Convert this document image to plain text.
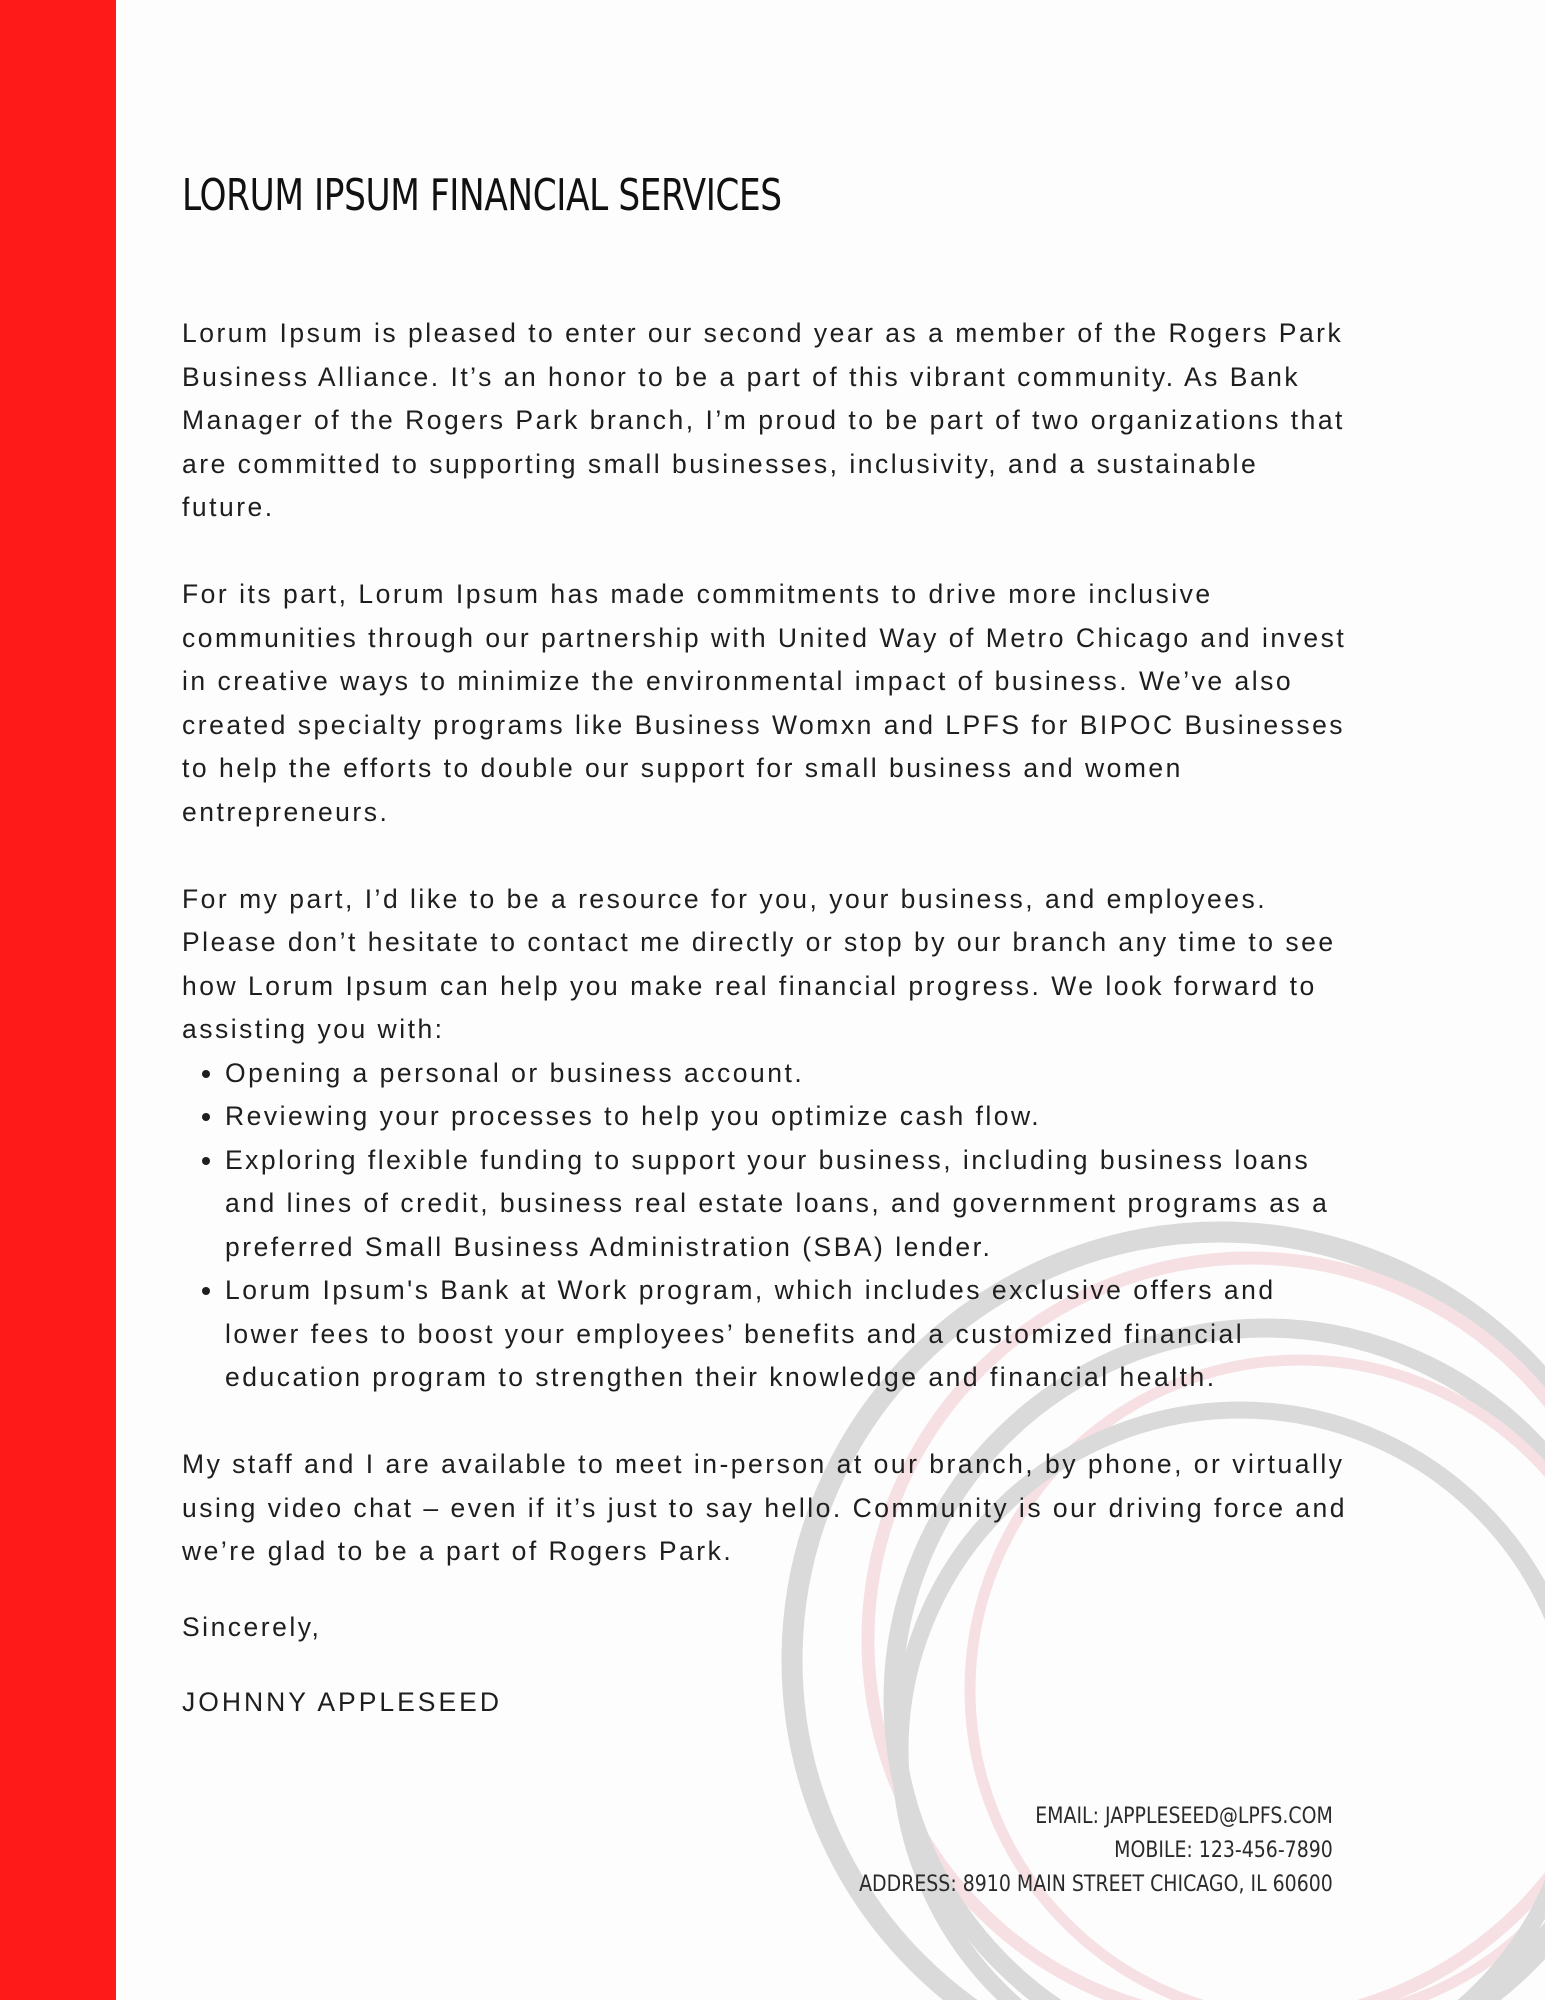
LORUM IPSUM FINANCIAL SERVICES

Lorum Ipsum is pleased to enter our second year as a member of the Rogers Park Business Alliance. It’s an honor to be a part of this vibrant community. As Bank Manager of the Rogers Park branch, I’m proud to be part of two organizations that are committed to supporting small businesses, inclusivity, and a sustainable future.

For its part, Lorum Ipsum has made commitments to drive more inclusive communities through our partnership with United Way of Metro Chicago and invest in creative ways to minimize the environmental impact of business. We’ve also created specialty programs like Business Womxn and LPFS for BIPOC Businesses to help the efforts to double our support for small business and women entrepreneurs.

For my part, I’d like to be a resource for you, your business, and employees. Please don’t hesitate to contact me directly or stop by our branch any time to see how Lorum Ipsum can help you make real financial progress. We look forward to assisting you with:

• Opening a personal or business account.
• Reviewing your processes to help you optimize cash flow.
• Exploring flexible funding to support your business, including business loans and lines of credit, business real estate loans, and government programs as a preferred Small Business Administration (SBA) lender.
• Lorum Ipsum's Bank at Work program, which includes exclusive offers and lower fees to boost your employees’ benefits and a customized financial education program to strengthen their knowledge and financial health.

My staff and I are available to meet in-person at our branch, by phone, or virtually using video chat – even if it’s just to say hello. Community is our driving force and we’re glad to be a part of Rogers Park.

Sincerely,

JOHNNY APPLESEED

EMAIL: JAPPLESEED@LPFS.COM
MOBILE: 123-456-7890
ADDRESS: 8910 MAIN STREET CHICAGO, IL 60600
